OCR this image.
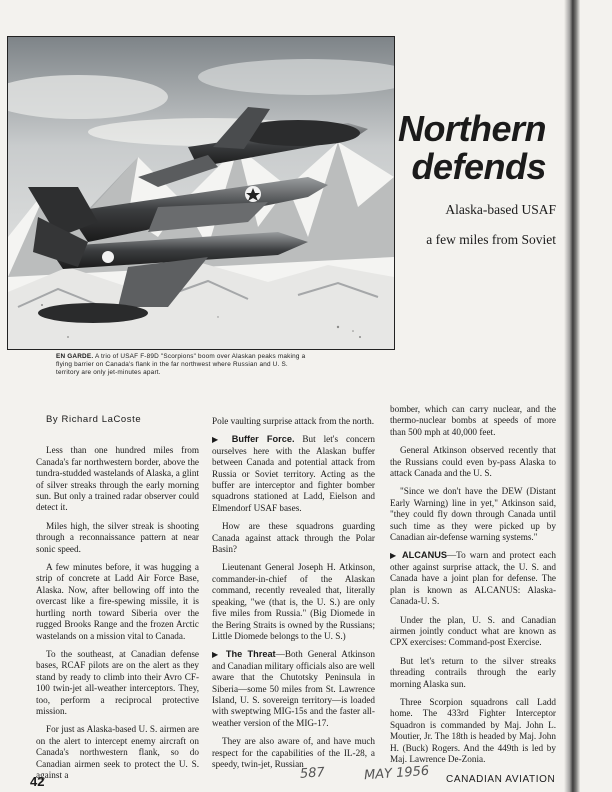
EN GARDE. A trio of USAF F-89D "Scorpions" boom over Alaskan peaks making a flying barrier on Canada's flank in the far northwest where Russian and U. S. territory are only jet-minutes apart.
Northern
defends
Alaska-based USAF
a few miles from Soviet
By Richard LaCoste

Less than one hundred miles from Canada's far northwestern border, above the tundra-studded wastelands of Alaska, a glint of silver streaks through the early morning sun. But only a trained radar observer could detect it.

Miles high, the silver streak is shooting through a reconnaissance pattern at near sonic speed.

A few minutes before, it was hugging a strip of concrete at Ladd Air Force Base, Alaska. Now, after bellowing off into the overcast like a fire-spewing missile, it is hurtling north toward Siberia over the rugged Brooks Range and the frozen Arctic wastelands on a mission vital to Canada.

To the southeast, at Canadian defense bases, RCAF pilots are on the alert as they stand by ready to climb into their Avro CF-100 twin-jet all-weather interceptors. They, too, perform a reciprocal protective mission.

For just as Alaska-based U. S. airmen are on the alert to intercept enemy aircraft on Canada's northwestern flank, so do Canadian airmen seek to protect the U. S. against a

Pole vaulting surprise attack from the north.

▶ Buffer Force. But let's concern ourselves here with the Alaskan buffer between Canada and potential attack from Russia or Soviet territory. Acting as the buffer are interceptor and fighter bomber squadrons stationed at Ladd, Eielson and Elmendorf USAF bases.

How are these squadrons guarding Canada against attack through the Polar Basin?

Lieutenant General Joseph H. Atkinson, commander-in-chief of the Alaskan command, recently revealed that, literally speaking, "we (that is, the U. S.) are only five miles from Russia." (Big Diomede in the Bering Straits is owned by the Russians; Little Diomede belongs to the U. S.)

▶ The Threat—Both General Atkinson and Canadian military officials also are well aware that the Chutotsky Peninsula in Siberia—some 50 miles from St. Lawrence Island, U. S. sovereign territory—is loaded with sweptwing MIG-15s and the faster all-weather version of the MIG-17.

They are also aware of, and have much respect for the capabilities of the IL-28, a speedy, twin-jet, Russian

bomber, which can carry nuclear, and the thermo-nuclear bombs at speeds of more than 500 mph at 40,000 feet.

General Atkinson observed recently that the Russians could even by-pass Alaska to attack Canada and the U. S.

"Since we don't have the DEW (Distant Early Warning) line in yet," Atkinson said, "they could fly down through Canada until such time as they were picked up by Canadian air-defense warning systems."

▶ ALCANUS—To warn and protect each other against surprise attack, the U. S. and Canada have a joint plan for defense. The plan is known as ALCANUS: Alaska-Canada-U. S.

Under the plan, U. S. and Canadian airmen jointly conduct what are known as CPX exercises: Command-post Exercise.

But let's return to the silver streaks threading contrails through the early morning Alaska sun.

Three Scorpion squadrons call Ladd home. The 433rd Fighter Interceptor Squadron is commanded by Maj. John L. Moutier, Jr. The 18th is headed by Maj. John H. (Buck) Rogers. And the 449th is led by Maj. Lawrence De-Zonia.

42	587	MAY 1956 CANADIAN AVIATION
